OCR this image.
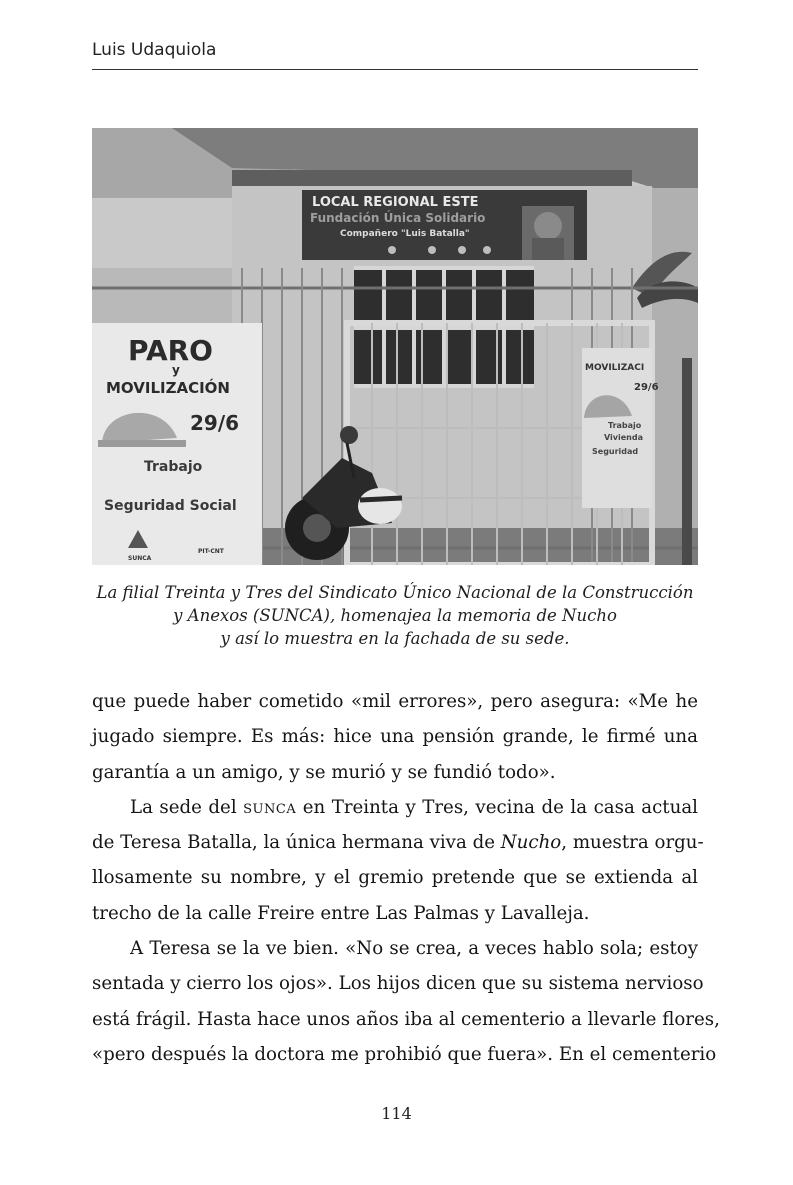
Luis Udaquiola
LOCAL REGIONAL ESTE
Fundación Única Solidario
Compañero "Luis Batalla"
PARO
y
MOVILIZACIÓN
29/6
Trabajo
Seguridad Social
SUNCA
PIT-CNT
MOVILIZACI
29/6
Trabajo
Vivienda
Seguridad
La filial Treinta y Tres del Sindicato Único Nacional de la Construcción
y Anexos (SUNCA), homenajea la memoria de Nucho
y así lo muestra en la fachada de su sede.
que puede haber cometido «mil errores», pero asegura: «Me he
jugado siempre. Es más: hice una pensión grande, le firmé una
garantía a un amigo, y se murió y se fundió todo».
La sede del sunca en Treinta y Tres, vecina de la casa actual
de Teresa Batalla, la única hermana viva de Nucho, muestra orgu-
llosamente su nombre, y el gremio pretende que se extienda al
trecho de la calle Freire entre Las Palmas y Lavalleja.
A Teresa se la ve bien. «No se crea, a veces hablo sola; estoy
sentada y cierro los ojos». Los hijos dicen que su sistema nervioso
está frágil. Hasta hace unos años iba al cementerio a llevarle flores,
«pero después la doctora me prohibió que fuera». En el cementerio
114
